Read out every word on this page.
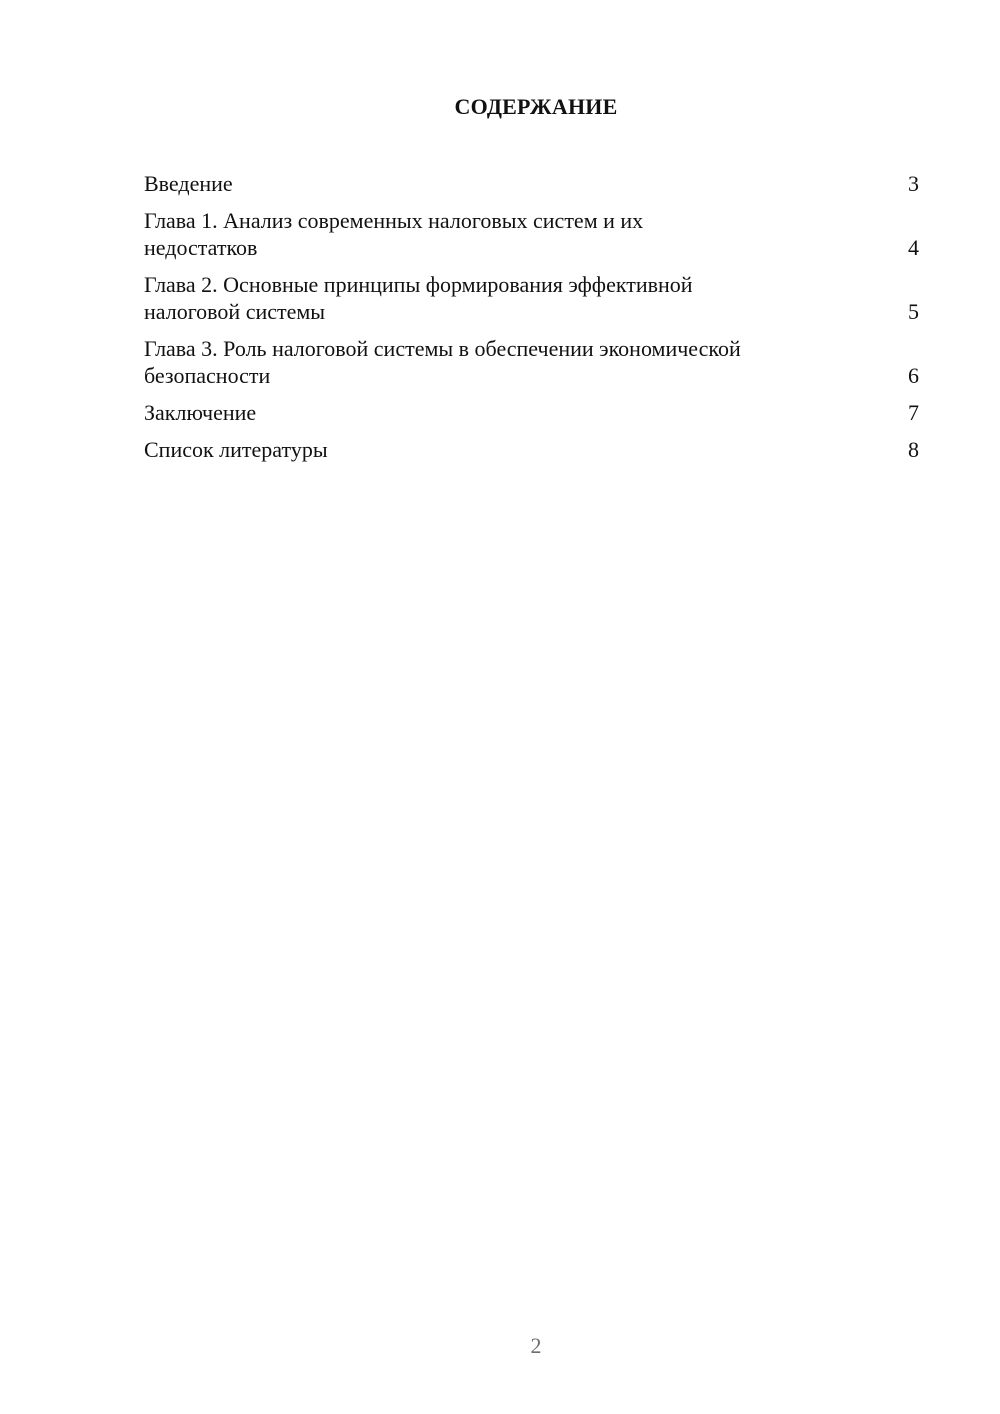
СОДЕРЖАНИЕ
Введение	3
Глава 1. Анализ современных налоговых систем и их
недостатков	4
Глава 2. Основные принципы формирования эффективной
налоговой системы	5
Глава 3. Роль налоговой системы в обеспечении экономической
безопасности	6
Заключение	7
Список литературы	8
2
